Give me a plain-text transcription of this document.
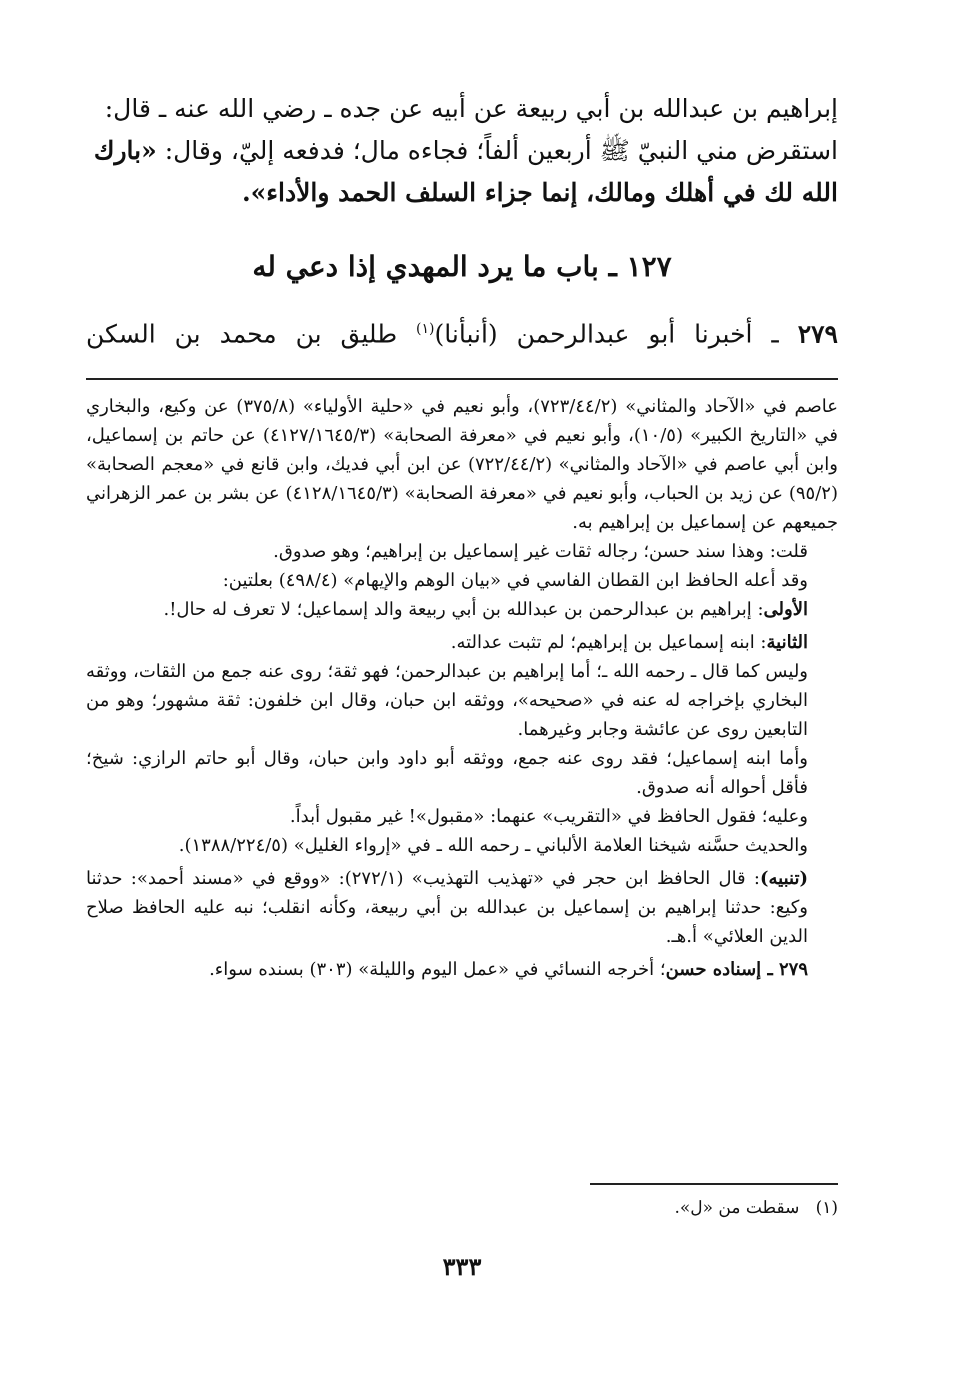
إبراهيم بن عبدالله بن أبي ربيعة عن أبيه عن جده ـ رضي الله عنه ـ قال:

استقرض مني النبيّ ﷺ أربعين ألفاً؛ فجاءه مال؛ فدفعه إليّ، وقال: «بارك

الله لك في أهلك ومالك، إنما جزاء السلف الحمد والأداء».

١٢٧ ـ باب ما يرد المهدي إذا دعي له
٢٧٩ ـ أخبرنا أبو عبدالرحمن (أنبأنا)$^{(١)}$ طليق بن محمد بن السكن

عاصم في «الآحاد والمثاني» (٧٢٣/٤٤/٢)، وأبو نعيم في «حلية الأولياء» (٣٧٥/٨) عن وكيع، والبخاري في «التاريخ الكبير» (١٠/٥)، وأبو نعيم في «معرفة الصحابة» (٤١٢٧/١٦٤٥/٣) عن حاتم بن إسماعيل، وابن أبي عاصم في «الآحاد والمثاني» (٧٢٢/٤٤/٢) عن ابن أبي فديك، وابن قانع في «معجم الصحابة» (٩٥/٢) عن زيد بن الحباب، وأبو نعيم في «معرفة الصحابة» (٤١٢٨/١٦٤٥/٣) عن بشر بن عمر الزهراني جميعهم عن إسماعيل بن إبراهيم به.

قلت: وهذا سند حسن؛ رجاله ثقات غير إسماعيل بن إبراهيم؛ وهو صدوق.

وقد أعله الحافظ ابن القطان الفاسي في «بيان الوهم والإيهام» (٤٩٨/٤) بعلتين:

الأولى: إبراهيم بن عبدالرحمن بن عبدالله بن أبي ربيعة والد إسماعيل؛ لا تعرف له حال!.

الثانية: ابنه إسماعيل بن إبراهيم؛ لم تثبت عدالته.

وليس كما قال ـ رحمه الله ـ؛ أما إبراهيم بن عبدالرحمن؛ فهو ثقة؛ روى عنه جمع من الثقات، ووثقه البخاري بإخراجه له عنه في «صحيحه»، ووثقه ابن حبان، وقال ابن خلفون: ثقة مشهور؛ وهو من التابعين روى عن عائشة وجابر وغيرهما.

وأما ابنه إسماعيل؛ فقد روى عنه جمع، ووثقه أبو داود وابن حبان، وقال أبو حاتم الرازي: شيخ؛ فأقل أحواله أنه صدوق.

وعليه؛ فقول الحافظ في «التقريب» عنهما: «مقبول»! غير مقبول أبداً.

والحديث حسَّنه شيخنا العلامة الألباني ـ رحمه الله ـ في «إرواء الغليل» (١٣٨٨/٢٢٤/٥).

(تنبيه): قال الحافظ ابن حجر في «تهذيب التهذيب» (٢٧٢/١): «ووقع في «مسند أحمد»: حدثنا وكيع: حدثنا إبراهيم بن إسماعيل بن عبدالله بن أبي ربيعة، وكأنه انقلب؛ نبه عليه الحافظ صلاح الدين العلائي» أ.هـ.

٢٧٩ ـ إسناده حسن؛ أخرجه النسائي في «عمل اليوم والليلة» (٣٠٣) بسنده سواء.

(١)   سقطت من «ل».
٣٣٣
